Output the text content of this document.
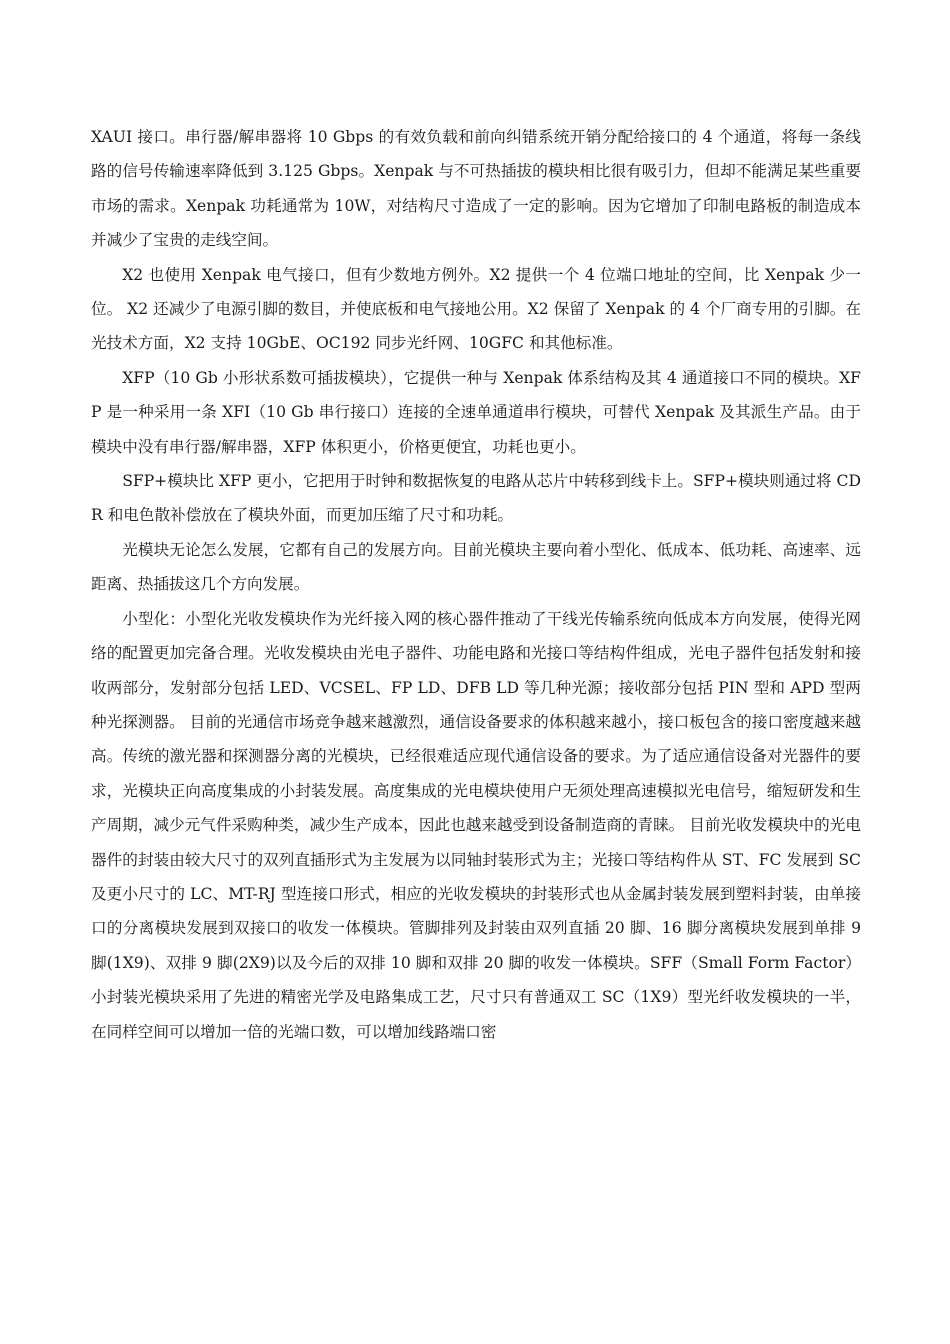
XAUI 接口。串行器/解串器将 10 Gbps 的有效负载和前向纠错系统开销分配给接口的 4 个通道，将每一条线路的信号传输速率降低到 3.125 Gbps。Xenpak 与不可热插拔的模块相比很有吸引力，但却不能满足某些重要市场的需求。Xenpak 功耗通常为 10W，对结构尺寸造成了一定的影响。因为它增加了印制电路板的制造成本并减少了宝贵的走线空间。

X2 也使用 Xenpak 电气接口，但有少数地方例外。X2 提供一个 4 位端口地址的空间，比 Xenpak 少一位。 X2 还减少了电源引脚的数目，并使底板和电气接地公用。X2 保留了 Xenpak 的 4 个厂商专用的引脚。在光技术方面，X2 支持 10GbE、OC192 同步光纤网、10GFC 和其他标准。

XFP（10 Gb 小形状系数可插拔模块），它提供一种与 Xenpak 体系结构及其 4 通道接口不同的模块。XFP 是一种采用一条 XFI（10 Gb 串行接口）连接的全速单通道串行模块，可替代 Xenpak 及其派生产品。由于模块中没有串行器/解串器，XFP 体积更小，价格更便宜，功耗也更小。

SFP+模块比 XFP 更小，它把用于时钟和数据恢复的电路从芯片中转移到线卡上。SFP+模块则通过将 CDR 和电色散补偿放在了模块外面，而更加压缩了尺寸和功耗。

光模块无论怎么发展，它都有自己的发展方向。目前光模块主要向着小型化、低成本、低功耗、高速率、远距离、热插拔这几个方向发展。

小型化：小型化光收发模块作为光纤接入网的核心器件推动了干线光传输系统向低成本方向发展，使得光网络的配置更加完备合理。光收发模块由光电子器件、功能电路和光接口等结构件组成，光电子器件包括发射和接收两部分，发射部分包括 LED、VCSEL、FP LD、DFB LD 等几种光源；接收部分包括 PIN 型和 APD 型两种光探测器。 目前的光通信市场竞争越来越激烈，通信设备要求的体积越来越小，接口板包含的接口密度越来越高。传统的激光器和探测器分离的光模块，已经很难适应现代通信设备的要求。为了适应通信设备对光器件的要求，光模块正向高度集成的小封装发展。高度集成的光电模块使用户无须处理高速模拟光电信号，缩短研发和生产周期，减少元气件采购种类，减少生产成本，因此也越来越受到设备制造商的青睐。 目前光收发模块中的光电器件的封装由较大尺寸的双列直插形式为主发展为以同轴封装形式为主；光接口等结构件从 ST、FC 发展到 SC 及更小尺寸的 LC、MT-RJ 型连接口形式，相应的光收发模块的封装形式也从金属封装发展到塑料封装，由单接口的分离模块发展到双接口的收发一体模块。管脚排列及封装由双列直插 20 脚、16 脚分离模块发展到单排 9 脚(1X9)、双排 9 脚(2X9)以及今后的双排 10 脚和双排 20 脚的收发一体模块。SFF（Small Form Factor）小封装光模块采用了先进的精密光学及电路集成工艺，尺寸只有普通双工 SC（1X9）型光纤收发模块的一半，在同样空间可以增加一倍的光端口数，可以增加线路端口密
